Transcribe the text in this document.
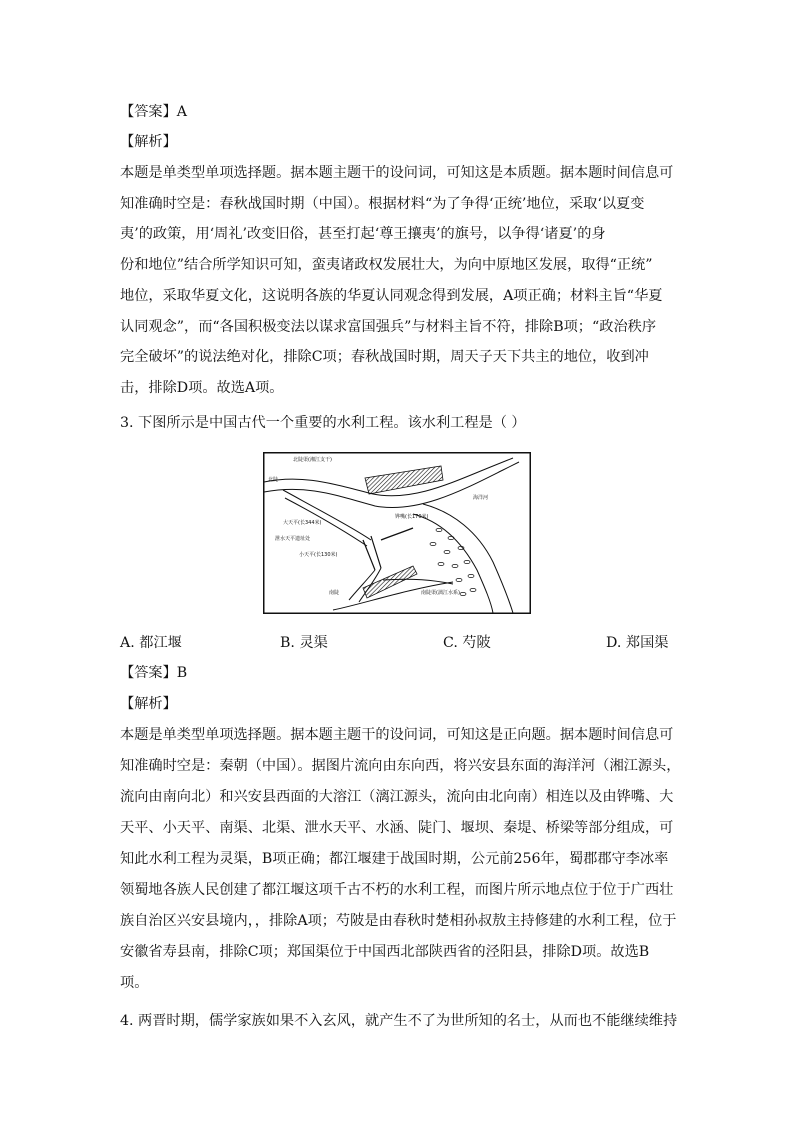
【答案】A
【解析】
本题是单类型单项选择题。据本题主题干的设问词，可知这是本质题。据本题时间信息可
知准确时空是：春秋战国时期（中国）。根据材料“为了争得‘正统’地位，采取‘以夏变
夷’的政策，用‘周礼’改变旧俗，甚至打起‘尊王攘夷’的旗号，以争得‘诸夏’的身
份和地位”结合所学知识可知，蛮夷诸政权发展壮大，为向中原地区发展，取得“正统”
地位，采取华夏文化，这说明各族的华夏认同观念得到发展，A项正确；材料主旨“华夏
认同观念”，而“各国积极变法以谋求富国强兵”与材料主旨不符，排除B项；“政治秩序
完全破坏”的说法绝对化，排除C项；春秋战国时期，周天子天下共主的地位，收到冲
击，排除D项。故选A项。
3. 下图所示是中国古代一个重要的水利工程。该水利工程是（ ）
北陡渠(湘江支干)
北陡
海洋河
大天平(长344米)
铧嘴(长170米)
泄水天平遗址处
小天平(长130米)
南陡	南陡渠(漓江水系)
A. 都江堰	B. 灵渠	C. 芍陂	D. 郑国渠
【答案】B
【解析】
本题是单类型单项选择题。据本题主题干的设问词，可知这是正向题。据本题时间信息可
知准确时空是：秦朝（中国）。据图片流向由东向西，将兴安县东面的海洋河（湘江源头，
流向由南向北）和兴安县西面的大溶江（漓江源头，流向由北向南）相连以及由铧嘴、大
天平、小天平、南渠、北渠、泄水天平、水涵、陡门、堰坝、秦堤、桥梁等部分组成，可
知此水利工程为灵渠，B项正确；都江堰建于战国时期，公元前256年，蜀郡郡守李冰率
领蜀地各族人民创建了都江堰这项千古不朽的水利工程，而图片所示地点位于位于广西壮
族自治区兴安县境内，，排除A项；芍陂是由春秋时楚相孙叔敖主持修建的水利工程，位于
安徽省寿县南，排除C项；郑国渠位于中国西北部陕西省的泾阳县，排除D项。故选B
项。
4. 两晋时期，儒学家族如果不入玄风，就产生不了为世所知的名士，从而也不能继续维持
